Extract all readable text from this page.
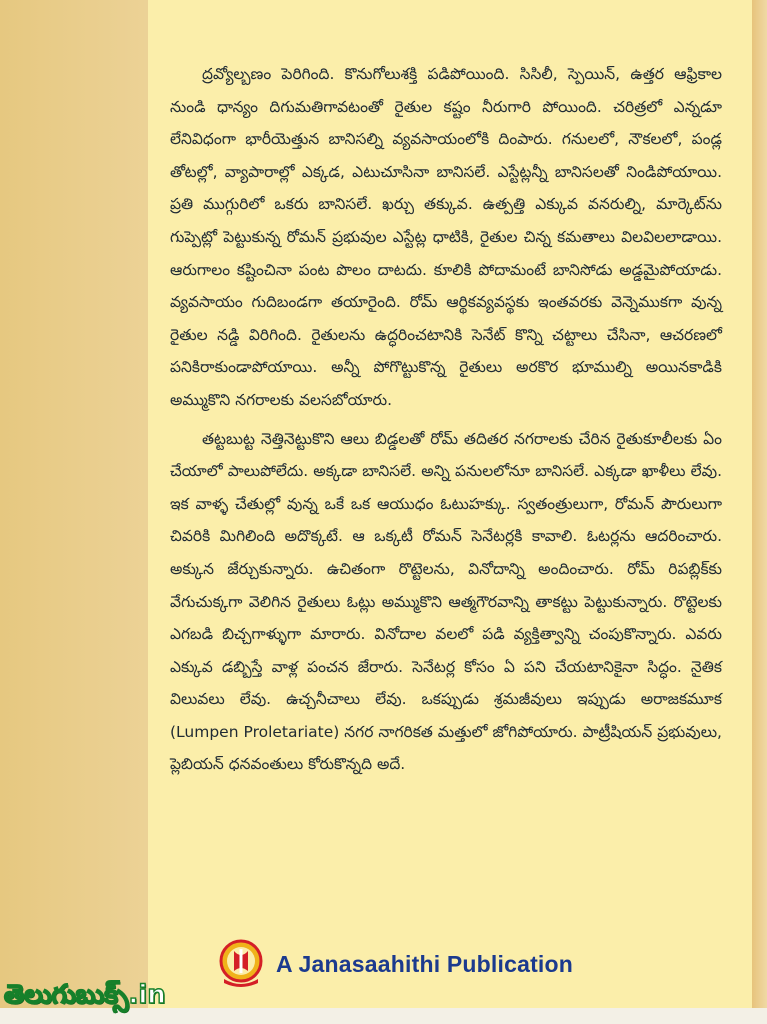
ద్రవ్యోల్బణం పెరిగింది. కొనుగోలుశక్తి పడిపోయింది. సిసిలీ, స్పెయిన్, ఉత్తర ఆఫ్రికాల నుండి ధాన్యం దిగుమతిగావటంతో రైతుల కష్టం నీరుగారి పోయింది. చరిత్రలో ఎన్నడూ లేనివిధంగా భారీయెత్తున బానిసల్ని వ్యవసాయంలోకి దింపారు. గనులలో, నౌకలలో, పండ్ల తోటల్లో, వ్యాపారాల్లో ఎక్కడ, ఎటుచూసినా బానిసలే. ఎస్టేట్లన్నీ బానిసలతో నిండిపోయాయి. ప్రతి ముగ్గురిలో ఒకరు బానిసలే. ఖర్చు తక్కువ. ఉత్పత్తి ఎక్కువ వనరుల్ని, మార్కెట్‌ను గుప్పెట్లో పెట్టుకున్న రోమన్ ప్రభువుల ఎస్టేట్ల ధాటికి, రైతుల చిన్న కమతాలు విలవిలలాడాయి. ఆరుగాలం కష్టించినా పంట పొలం దాటదు. కూలికి పోదామంటే బానిసోడు అడ్డమైపోయాడు. వ్యవసాయం గుదిబండగా తయారైంది. రోమ్ ఆర్థికవ్యవస్థకు ఇంతవరకు వెన్నెముకగా వున్న రైతుల నడ్డి విరిగింది. రైతులను ఉద్ధరించటానికి సెనేట్ కొన్ని చట్టాలు చేసినా, ఆచరణలో పనికిరాకుండాపోయాయి. అన్నీ పోగొట్టుకొన్న రైతులు అరకొర భూముల్ని అయినకాడికి అమ్ముకొని నగరాలకు వలసబోయారు.

తట్టబుట్ట నెత్తినెట్టుకొని ఆలు బిడ్డలతో రోమ్ తదితర నగరాలకు చేరిన రైతుకూలీలకు ఏం చేయాలో పాలుపోలేదు. అక్కడా బానిసలే. అన్ని పనులలోనూ బానిసలే. ఎక్కడా ఖాళీలు లేవు. ఇక వాళ్ళ చేతుల్లో వున్న ఒకే ఒక ఆయుధం ఓటుహక్కు. స్వతంత్రులుగా, రోమన్ పౌరులుగా చివరికి మిగిలింది అదొక్కటే. ఆ ఒక్కటీ రోమన్ సెనేటర్లకి కావాలి. ఓటర్లను ఆదరించారు. అక్కున జేర్చుకున్నారు. ఉచితంగా రొట్టెలను, వినోదాన్ని అందించారు. రోమ్ రిపబ్లిక్‌కు వేగుచుక్కగా వెలిగిన రైతులు ఓట్లు అమ్ముకొని ఆత్మగౌరవాన్ని తాకట్టు పెట్టుకున్నారు. రొట్టెలకు ఎగబడి బిచ్చగాళ్ళుగా మారారు. వినోదాల వలలో పడి వ్యక్తిత్వాన్ని చంపుకొన్నారు. ఎవరు ఎక్కువ డబ్బిస్తే వాళ్ల పంచన జేరారు. సెనేటర్ల కోసం ఏ పని చేయటానికైనా సిద్ధం. నైతిక విలువలు లేవు. ఉచ్చనీచాలు లేవు. ఒకప్పుడు శ్రమజీవులు ఇప్పుడు అరాజకమూక (Lumpen Proletariate) నగర నాగరికత మత్తులో జోగిపోయారు. పాట్రీషియన్ ప్రభువులు, ప్లెబియన్ ధనవంతులు కోరుకొన్నది అదే.

A Janasaahithi Publication
తెలుగుబుక్స్.in
